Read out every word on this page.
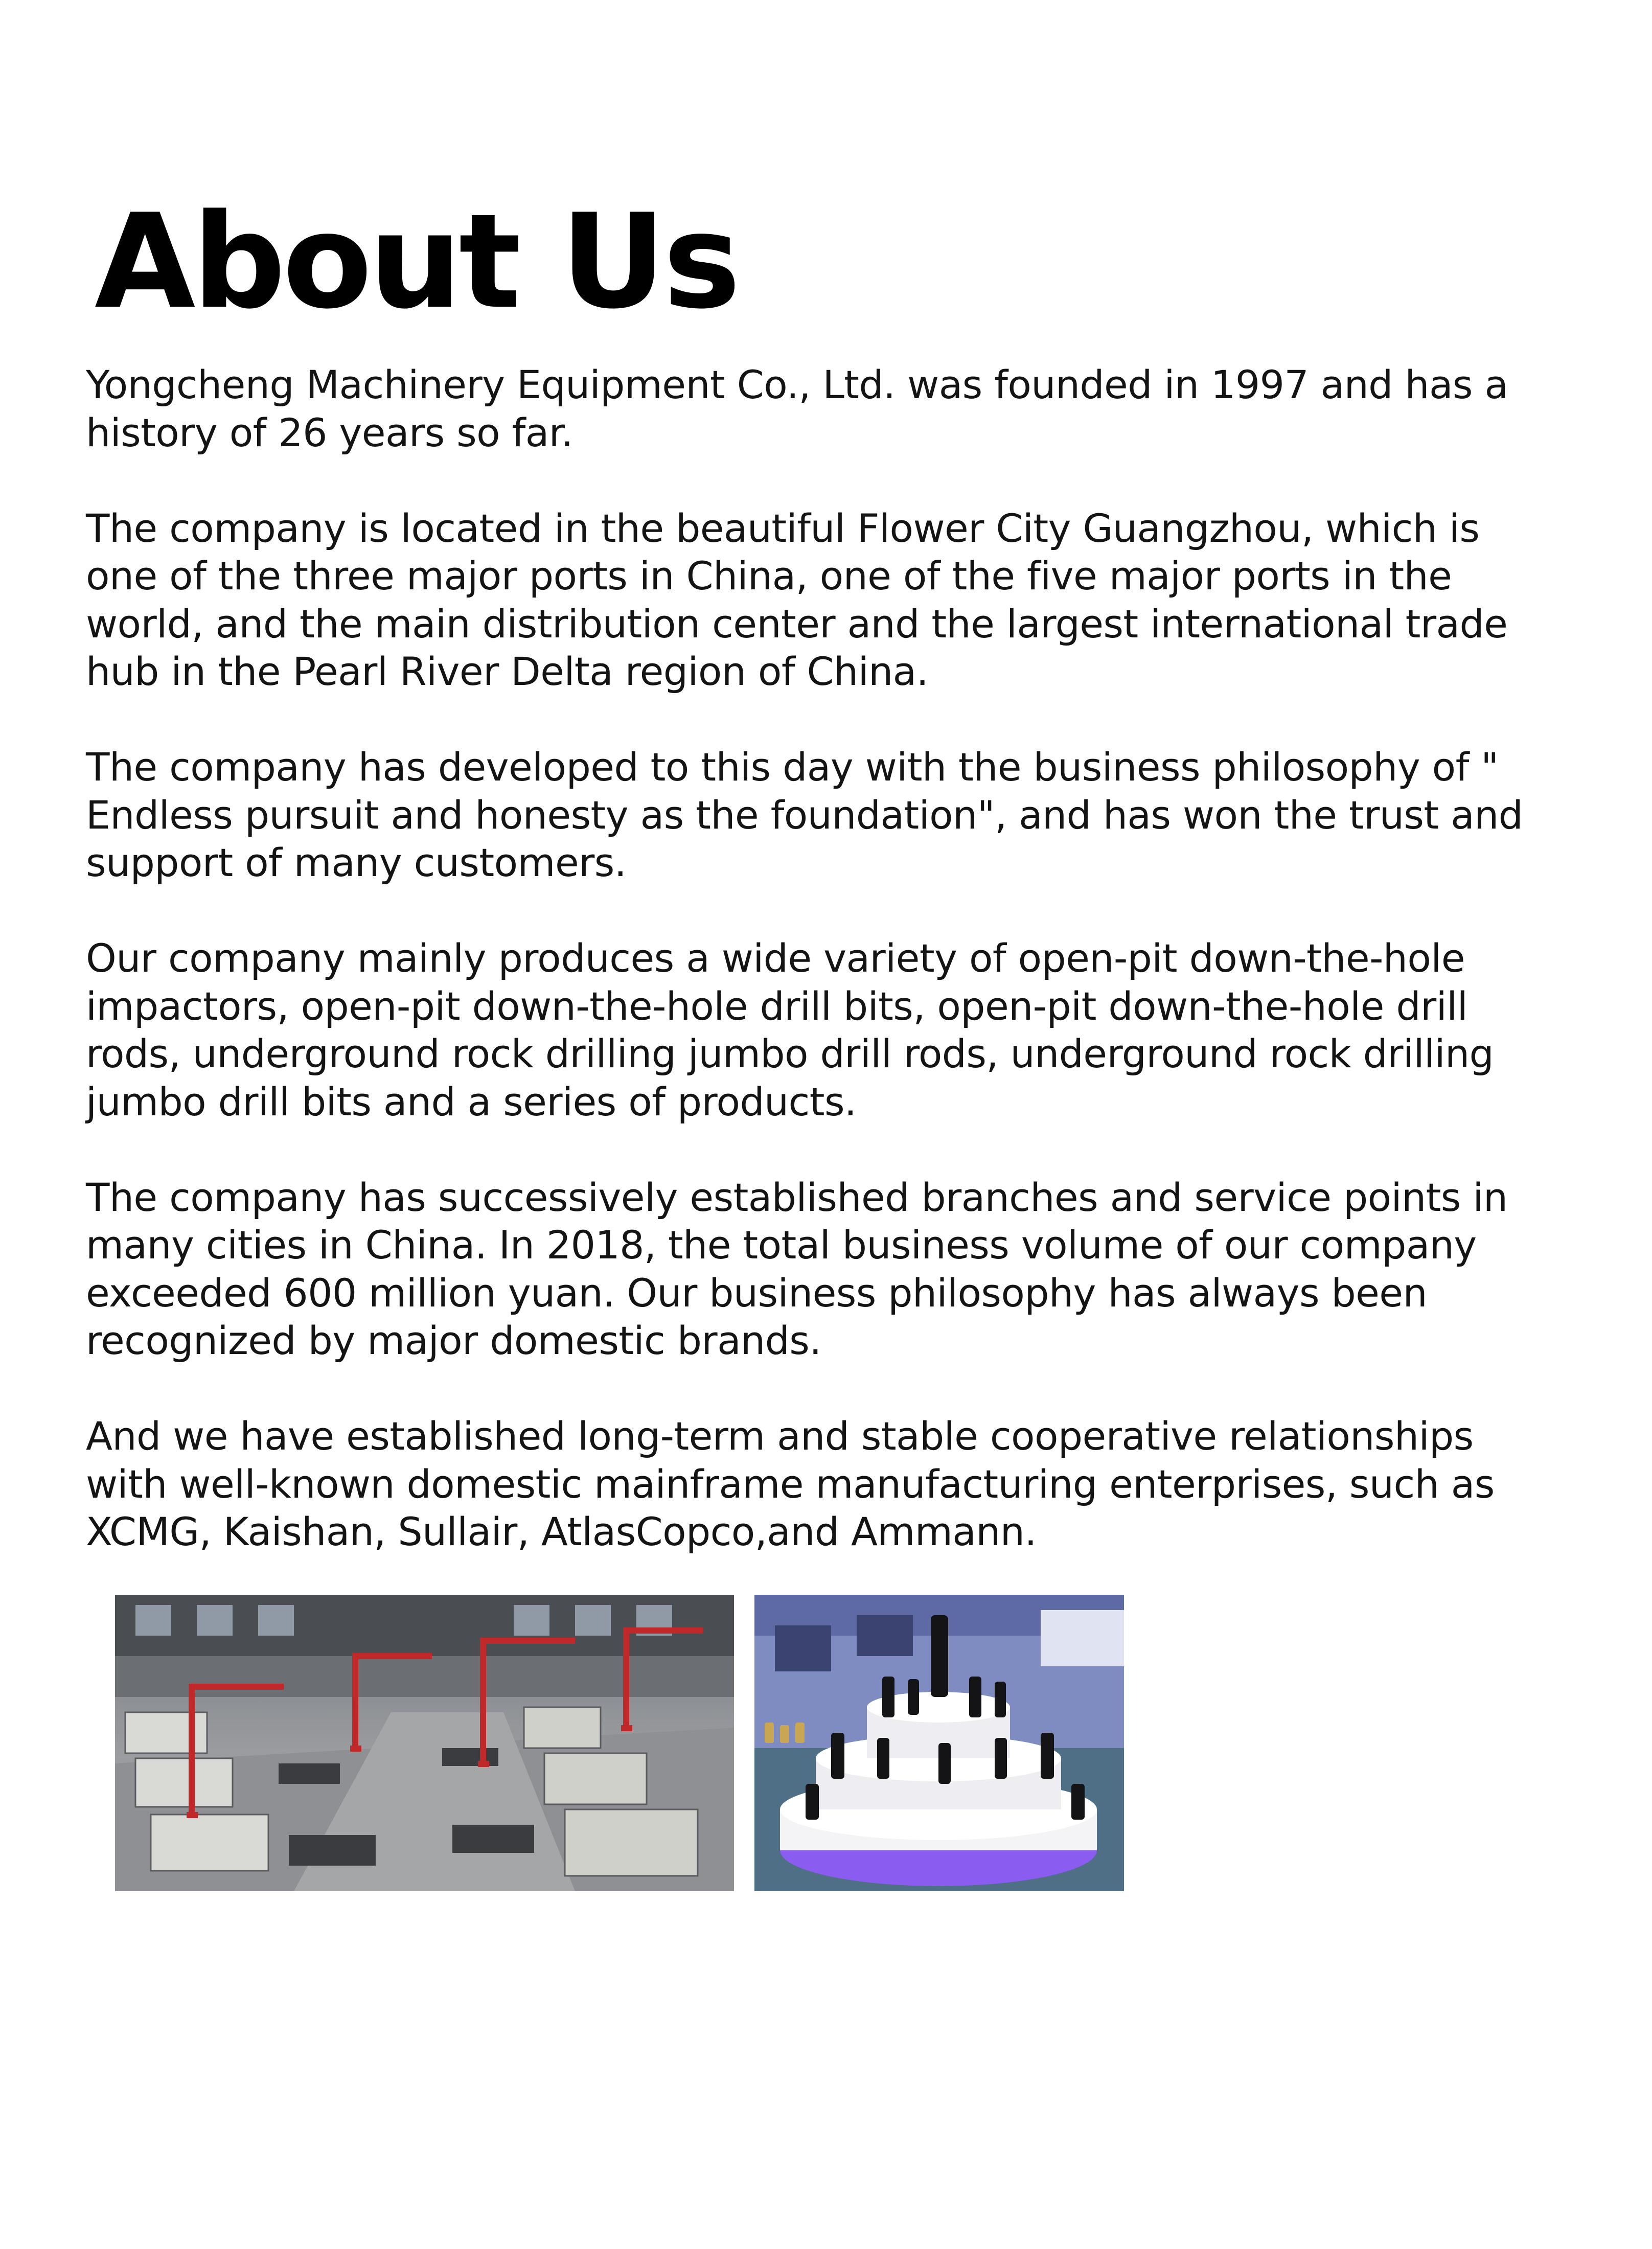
About Us

Yongcheng Machinery Equipment Co., Ltd. was founded in 1997 and has a
history of 26 years so far.

The company is located in the beautiful Flower City Guangzhou, which is
one of the three major ports in China, one of the five major ports in the
world, and the main distribution center and the largest international trade
hub in the Pearl River Delta region of China.

The company has developed to this day with the business philosophy of "
Endless pursuit and honesty as the foundation", and has won the trust and
support of many customers.

Our company mainly produces a wide variety of open-pit down-the-hole
impactors, open-pit down-the-hole drill bits, open-pit down-the-hole drill
rods, underground rock drilling jumbo drill rods, underground rock drilling
jumbo drill bits and a series of products.

The company has successively established branches and service points in
many cities in China. In 2018, the total business volume of our company
exceeded 600 million yuan. Our business philosophy has always been
recognized by major domestic brands.

And we have established long-term and stable cooperative relationships
with well-known domestic mainframe manufacturing enterprises, such as
XCMG, Kaishan, Sullair, AtlasCopco,and Ammann.
